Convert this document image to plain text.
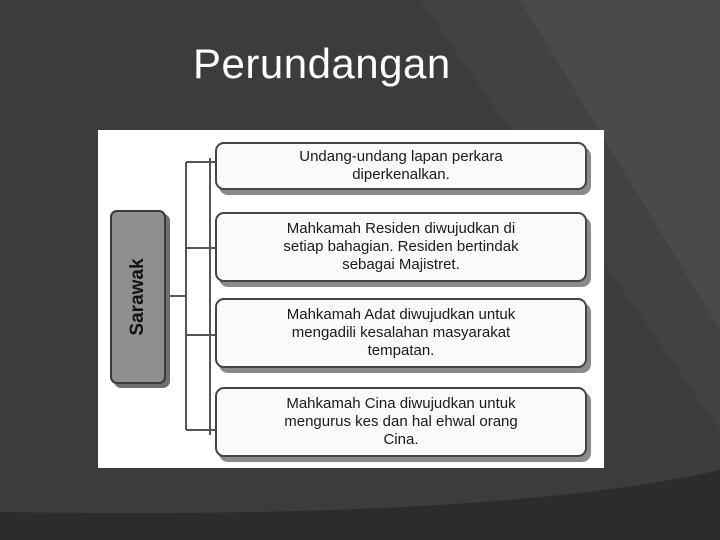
Perundangan
Sarawak
Undang-undang lapan perkara
diperkenalkan.
Mahkamah Residen diwujudkan di
setiap bahagian. Residen bertindak
sebagai Majistret.
Mahkamah Adat diwujudkan untuk
mengadili kesalahan masyarakat
tempatan.
Mahkamah Cina diwujudkan untuk
mengurus kes dan hal ehwal orang
Cina.
